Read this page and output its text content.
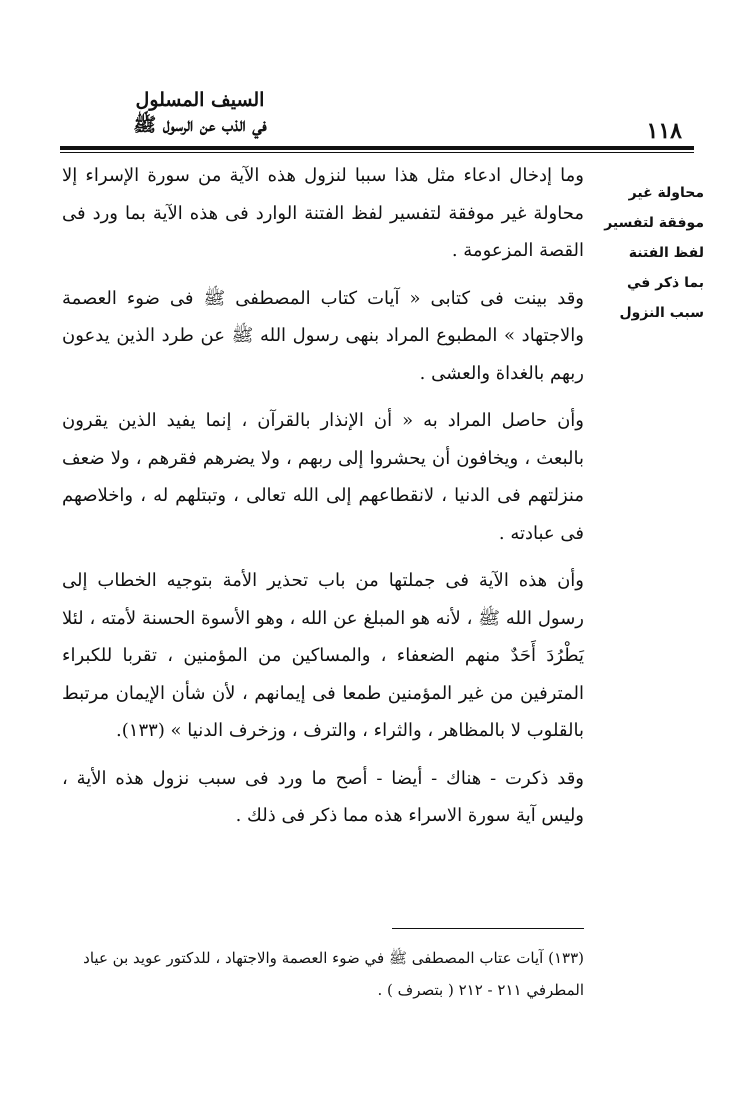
السيف المسلول
في الذب عن الرسول ﷺ	١١٨
محاولة غير موفقة لتفسير لفظ الفتنة بما ذكر في سبب النزول

وما إدخال ادعاء مثل هذا سببا لنزول هذه الآية من سورة الإسراء إلا محاولة غير موفقة لتفسير لفظ الفتنة الوارد فى هذه الآية بما ورد فى القصة المزعومة .

وقد بينت فى كتابى « آيات كتاب المصطفى ﷺ فى ضوء العصمة والاجتهاد » المطبوع المراد بنهى رسول الله ﷺ عن طرد الذين يدعون ربهم بالغداة والعشى .

وأن حاصل المراد به « أن الإنذار بالقرآن ، إنما يفيد الذين يقرون بالبعث ، ويخافون أن يحشروا إلى ربهم ، ولا يضرهم فقرهم ، ولا ضعف منزلتهم فى الدنيا ، لانقطاعهم إلى الله تعالى ، وتبتلهم له ، واخلاصهم فى عبادته .

وأن هذه الآية فى جملتها من باب تحذير الأمة بتوجيه الخطاب إلى رسول الله ﷺ ، لأنه هو المبلغ عن الله ، وهو الأسوة الحسنة لأمته ، لئلا يَطْرُدَ أَحَدٌ منهم الضعفاء ، والمساكين من المؤمنين ، تقربا للكبراء المترفين من غير المؤمنين طمعا فى إيمانهم ، لأن شأن الإيمان مرتبط بالقلوب لا بالمظاهر ، والثراء ، والترف ، وزخرف الدنيا » (١٣٣).

وقد ذكرت - هناك - أيضا - أصح ما ورد فى سبب نزول هذه الأية ، وليس آية سورة الاسراء هذه مما ذكر فى ذلك .

(١٣٣) آيات عتاب المصطفى ﷺ في ضوء العصمة والاجتهاد ، للدكتور عويد بن عياد

المطرفي ٢١١ - ٢١٢ ( بتصرف ) .
